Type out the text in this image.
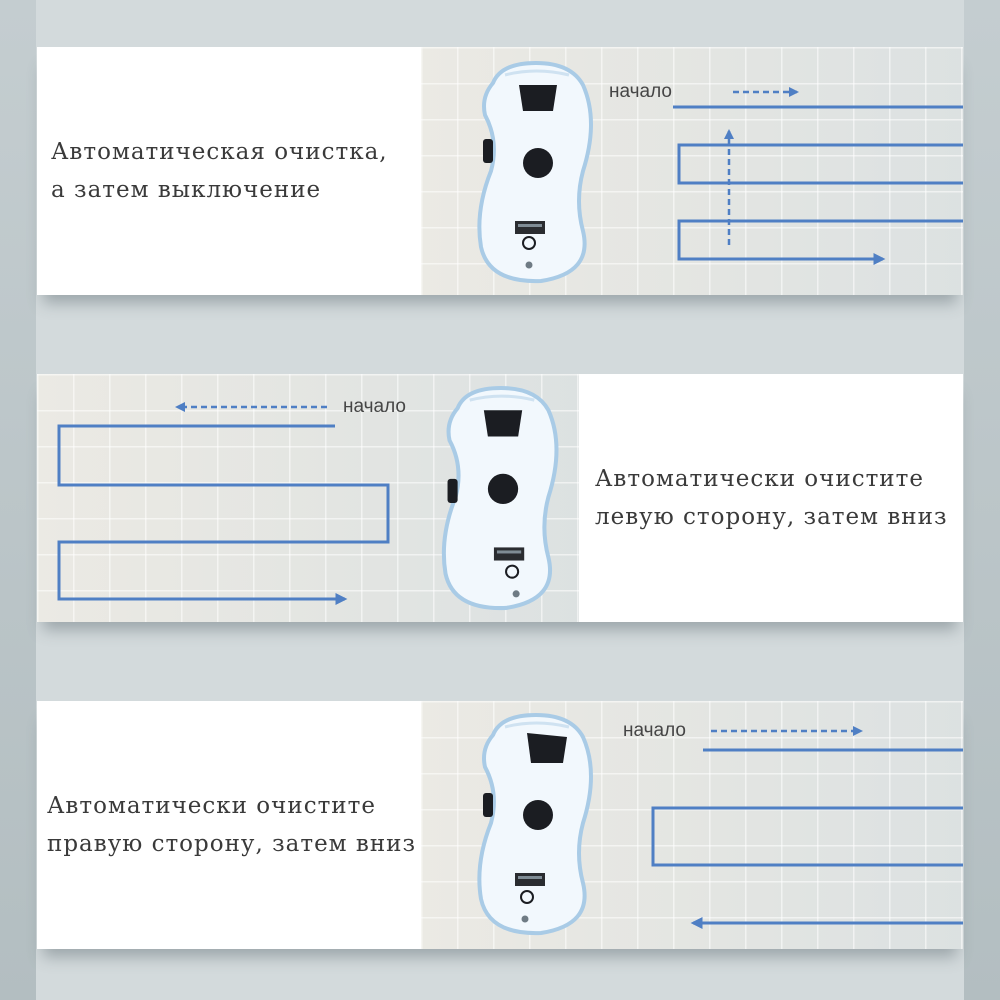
Автоматическая очистка,
а затем выключение
начало
начало
Автоматически очистите
левую сторону, затем вниз
Автоматически очистите
правую сторону, затем вниз
начало
